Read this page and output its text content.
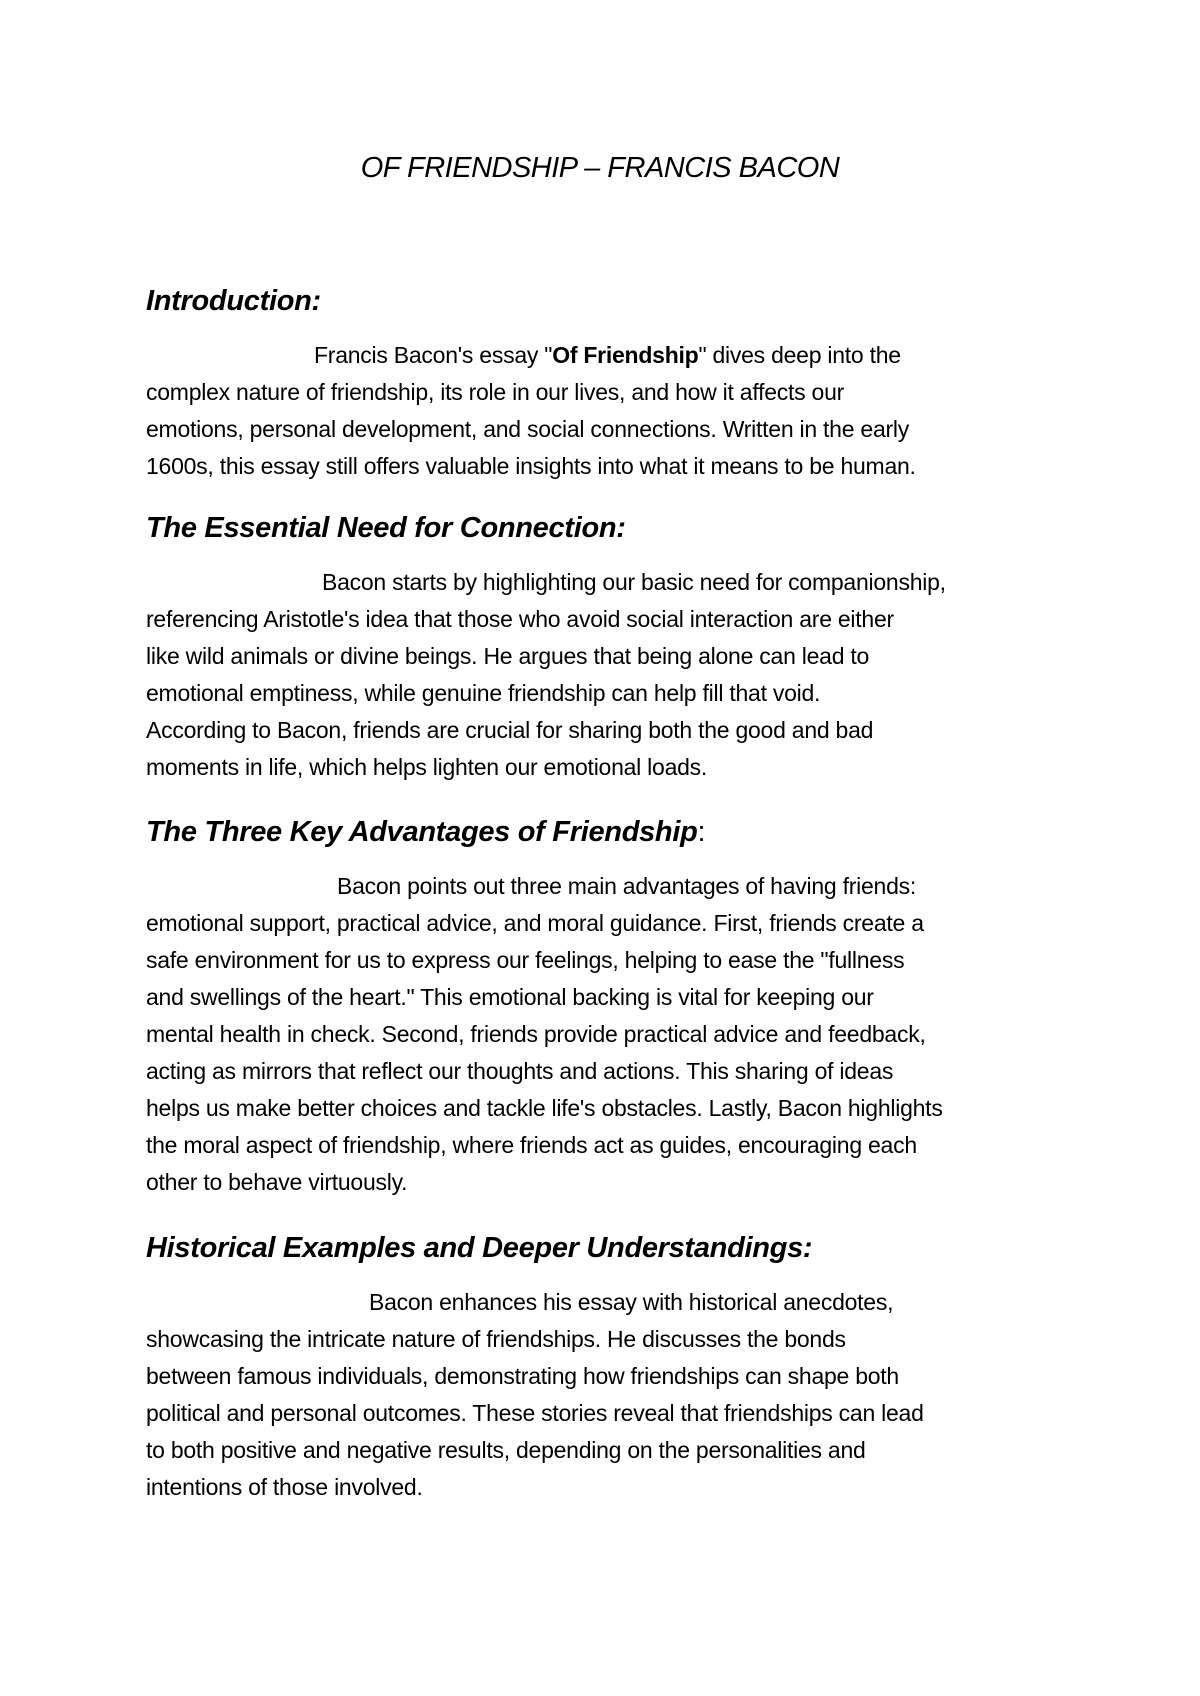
OF FRIENDSHIP – FRANCIS BACON
Introduction:

Francis Bacon's essay "Of Friendship" dives deep into the
complex nature of friendship, its role in our lives, and how it affects our
emotions, personal development, and social connections. Written in the early
1600s, this essay still offers valuable insights into what it means to be human.

The Essential Need for Connection:

Bacon starts by highlighting our basic need for companionship,
referencing Aristotle's idea that those who avoid social interaction are either
like wild animals or divine beings. He argues that being alone can lead to
emotional emptiness, while genuine friendship can help fill that void.
According to Bacon, friends are crucial for sharing both the good and bad
moments in life, which helps lighten our emotional loads.

The Three Key Advantages of Friendship:

Bacon points out three main advantages of having friends:
emotional support, practical advice, and moral guidance. First, friends create a
safe environment for us to express our feelings, helping to ease the "fullness
and swellings of the heart." This emotional backing is vital for keeping our
mental health in check. Second, friends provide practical advice and feedback,
acting as mirrors that reflect our thoughts and actions. This sharing of ideas
helps us make better choices and tackle life's obstacles. Lastly, Bacon highlights
the moral aspect of friendship, where friends act as guides, encouraging each
other to behave virtuously.

Historical Examples and Deeper Understandings:

Bacon enhances his essay with historical anecdotes,
showcasing the intricate nature of friendships. He discusses the bonds
between famous individuals, demonstrating how friendships can shape both
political and personal outcomes. These stories reveal that friendships can lead
to both positive and negative results, depending on the personalities and
intentions of those involved.
